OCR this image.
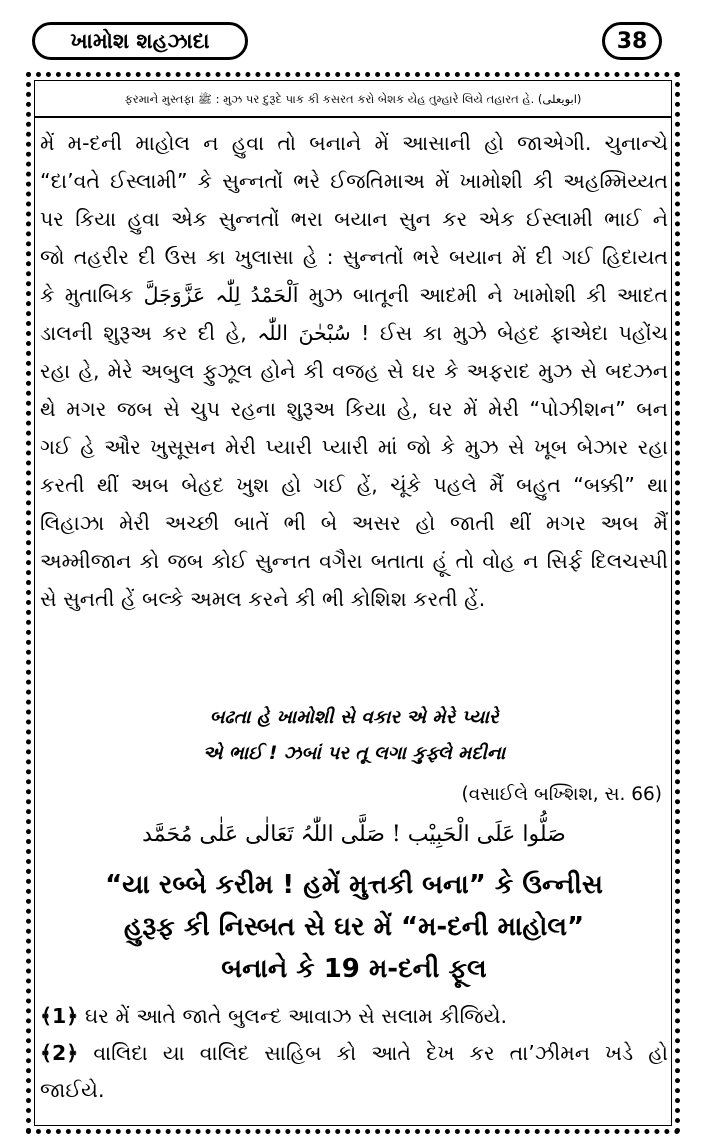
ખામોશ શહઝાદા	38
ફરમાને મુસ્તફા ﷺ : મુઝ પર દુરૂદે પાક કી કસરત કરો બેશક યેહ તુમ્હારે લિયે તહારત હે. (ابویعلی)
મેં મ-દની માહોલ ન હુવા તો બનાને મેં આસાની હો જાએગી. ચુનાન્ચે
“દા’વતે ઈસ્લામી” કે સુન્નતોં ભરે ઈજતિમાઅ મેં ખામોશી કી અહમ્મિય્યત
પર કિયા હુવા એક સુન્નતોં ભરા બયાન સુન કર એક ઈસ્લામી ભાઈ ને
જો તહરીર દી ઉસ કા ખુલાસા હે : સુન્નતોં ભરે બયાન મેં દી ગઈ હિદાયત
કે મુતાબિક اَلْحَمْدُ لِلّٰہ عَزَّوَجَلَّ મુઝ બાતૂની આદમી ને ખામોશી કી આદત
ડાલની શુરૂઅ કર દી હે, سُبْحٰنَ اللّٰہ ! ઈસ કા મુઝે બેહદ ફાએદા પહોંચ
રહા હે, મેરે અબુલ ફુઝૂલ હોને કી વજહ સે ઘર કે અફરાદ મુઝ સે બદઝન
થે મગર જબ સે ચુપ રહના શુરૂઅ કિયા હે, ઘર મેં મેરી “પોઝીશન” બન
ગઈ હે ઔર ખુસૂસન મેરી પ્યારી પ્યારી માં જો કે મુઝ સે ખૂબ બેઝાર રહા
કરતી થીં અબ બેહદ ખુશ હો ગઈ હેં, ચૂંકે પહલે મૈં બહુત “બક્કી” થા
લિહાઝા મેરી અચ્છી બાતેં ભી બે અસર હો જાતી થીં મગર અબ મૈં
અમ્મીજાન કો જબ કોઈ સુન્નત વગૈરા બતાતા હૂં તો વોહ ન સિર્ફ દિલચસ્પી
સે સુનતી હેં બલ્કે અમલ કરને કી ભી કોશિશ કરતી હેં.
બઢતા હે ખામોશી સે વકાર એ મેરે પ્યારે
એ ભાઈ ! ઝબાં પર તૂ લગા કુફ્લે મદીના
(વસાઈલે બખ્શિશ, સ. 66)
صَلُّوا عَلَی الْحَبِیْب ! صَلَّی اللّٰہُ تَعَالٰی عَلٰی مُحَمَّد
“યા રબ્બે કરીમ ! હમેં મુત્તકી બના” કે ઉન્નીસ
હુરૂફ કી નિસ્બત સે ઘર મેં “મ-દની માહોલ”
બનાને કે 19 મ-દની ફૂલ
﴾1﴿ ઘર મેં આતે જાતે બુલન્દ આવાઝ સે સલામ કીજિયે.
﴾2﴿ વાલિદા યા વાલિદ સાહિબ કો આતે દેખ કર તા’ઝીમન ખડે હો
જાઈયે.
